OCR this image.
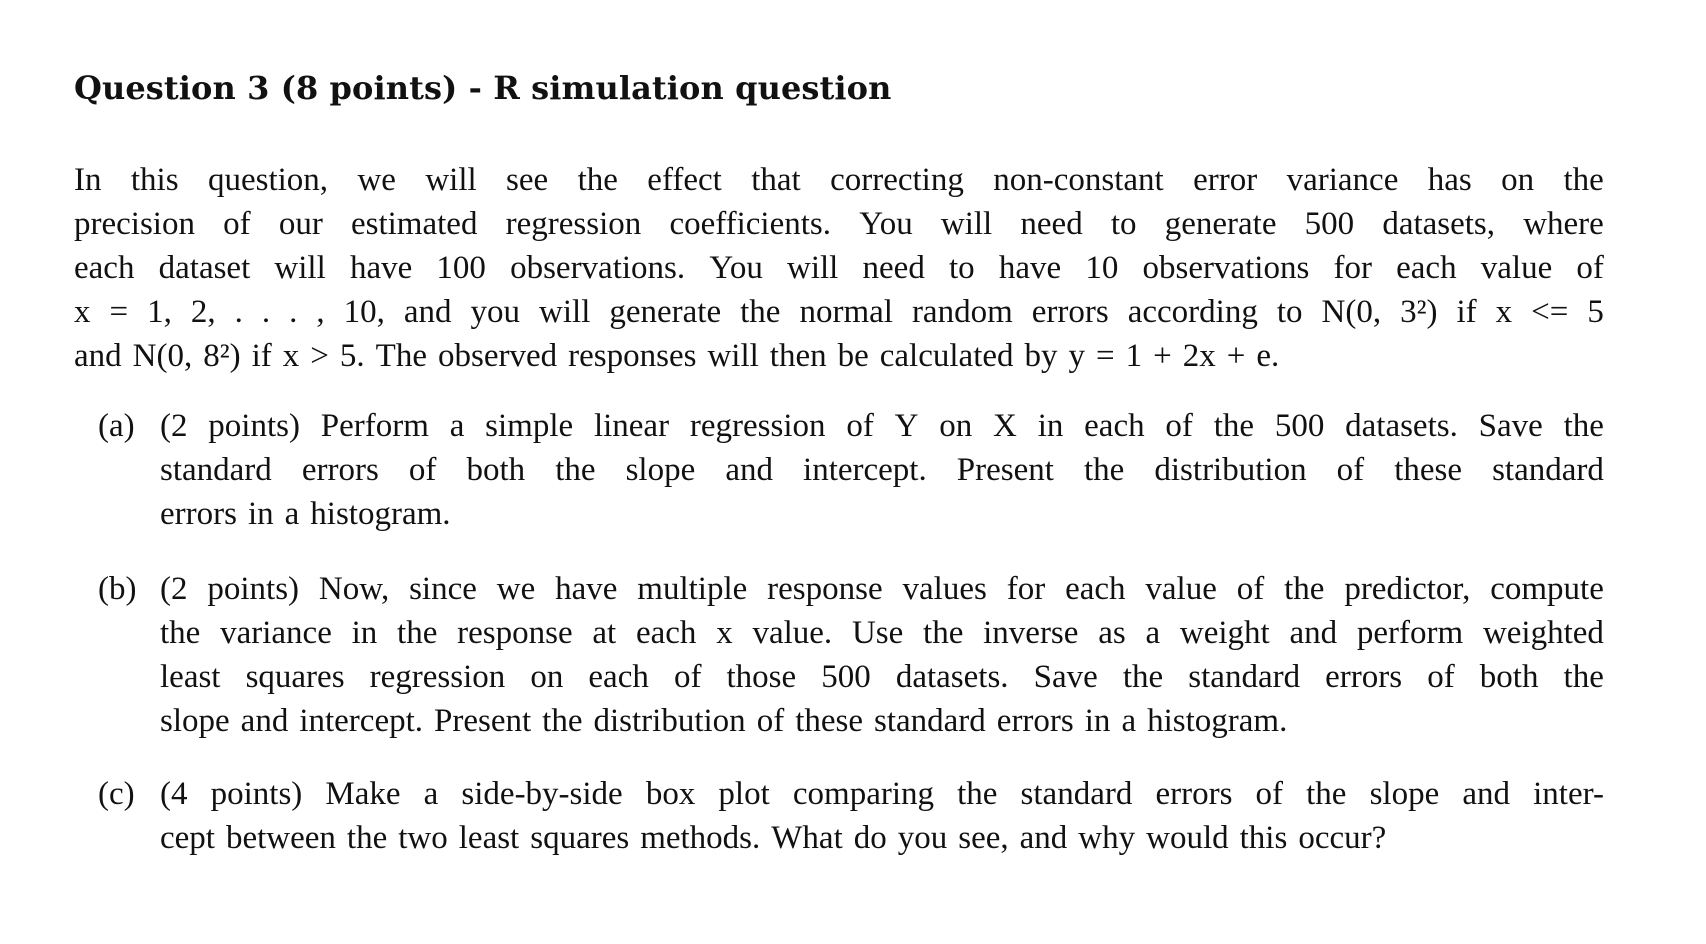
Question 3 (8 points) - R simulation question
In this question, we will see the effect that correcting non-constant error variance has on the
precision of our estimated regression coefficients. You will need to generate 500 datasets, where
each dataset will have 100 observations. You will need to have 10 observations for each value of
x = 1, 2, . . . , 10, and you will generate the normal random errors according to N(0, 3²) if x <= 5
and N(0, 8²) if x > 5. The observed responses will then be calculated by y = 1 + 2x + e.
(a) (2 points) Perform a simple linear regression of Y on X in each of the 500 datasets. Save the
standard errors of both the slope and intercept. Present the distribution of these standard
errors in a histogram.
(b) (2 points) Now, since we have multiple response values for each value of the predictor, compute
the variance in the response at each x value. Use the inverse as a weight and perform weighted
least squares regression on each of those 500 datasets. Save the standard errors of both the
slope and intercept. Present the distribution of these standard errors in a histogram.
(c) (4 points) Make a side-by-side box plot comparing the standard errors of the slope and inter-
cept between the two least squares methods. What do you see, and why would this occur?
